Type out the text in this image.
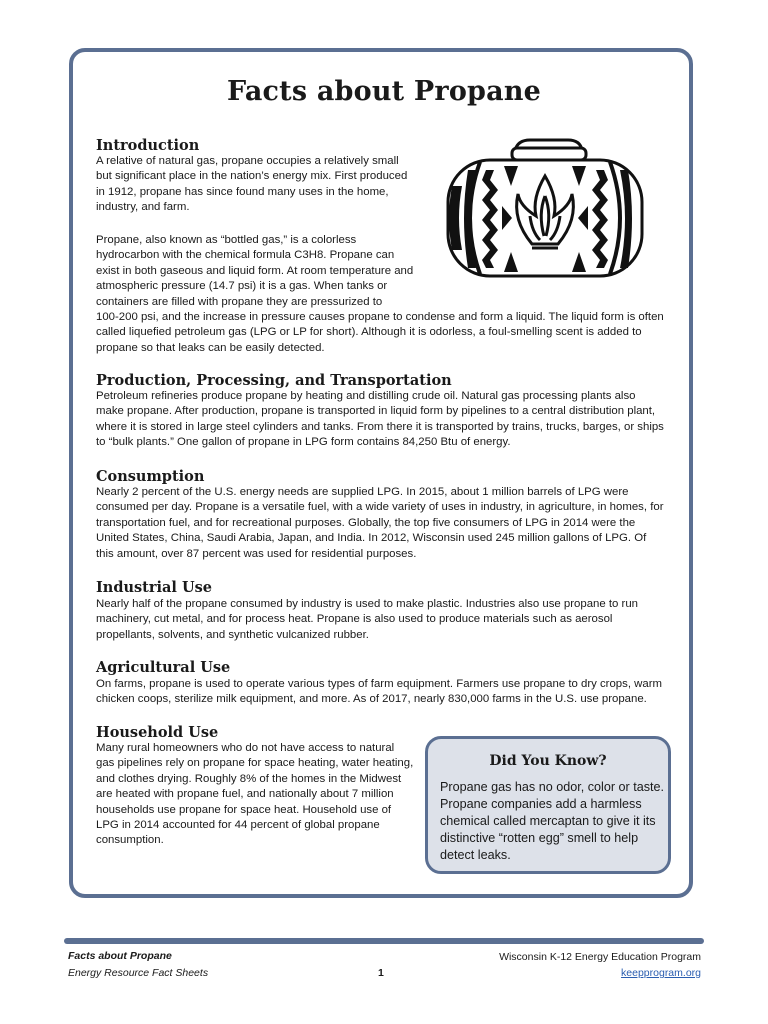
Facts about Propane
Introduction

A relative of natural gas, propane occupies a relatively small but significant place in the nation’s energy mix. First produced in 1912, propane has since found many uses in the home, industry, and farm.

Propane, also known as “bottled gas,” is a colorless hydrocarbon with the chemical formula C3H8. Propane can exist in both gaseous and liquid form. At room temperature and atmospheric pressure (14.7 psi) it is a gas. When tanks or containers are filled with propane they are pressurized to

100-200 psi, and the increase in pressure causes propane to condense and form a liquid. The liquid form is often called liquefied petroleum gas (LPG or LP for short). Although it is odorless, a foul-smelling scent is added to propane so that leaks can be easily detected.

Production, Processing, and Transportation

Petroleum refineries produce propane by heating and distilling crude oil. Natural gas processing plants also make propane. After production, propane is transported in liquid form by pipelines to a central distribution plant, where it is stored in large steel cylinders and tanks. From there it is transported by trains, trucks, barges, or ships to “bulk plants.” One gallon of propane in LPG form contains 84,250 Btu of energy.

Consumption

Nearly 2 percent of the U.S. energy needs are supplied LPG. In 2015, about 1 million barrels of LPG were consumed per day. Propane is a versatile fuel, with a wide variety of uses in industry, in agriculture, in homes, for transportation fuel, and for recreational purposes. Globally, the top five consumers of LPG in 2014 were the United States, China, Saudi Arabia, Japan, and India. In 2012, Wisconsin used 245 million gallons of LPG. Of this amount, over 87 percent was used for residential purposes.

Industrial Use

Nearly half of the propane consumed by industry is used to make plastic. Industries also use propane to run machinery, cut metal, and for process heat. Propane is also used to produce materials such as aerosol propellants, solvents, and synthetic vulcanized rubber.

Agricultural Use

On farms, propane is used to operate various types of farm equipment. Farmers use propane to dry crops, warm chicken coops, sterilize milk equipment, and more. As of 2017, nearly 830,000 farms in the U.S. use propane.

Household Use

Many rural homeowners who do not have access to natural gas pipelines rely on propane for space heating, water heating, and clothes drying. Roughly 8% of the homes in the Midwest are heated with propane fuel, and nationally about 7 million households use propane for space heat. Household use of LPG in 2014 accounted for 44 percent of global propane consumption.

Did You Know?
Propane gas has no odor, color or taste. Propane companies add a harmless chemical called mercaptan to give it its distinctive “rotten egg” smell to help detect leaks.
Facts about Propane
Energy Resource Fact Sheets	1
Wisconsin K-12 Energy Education Program
keepprogram.org
